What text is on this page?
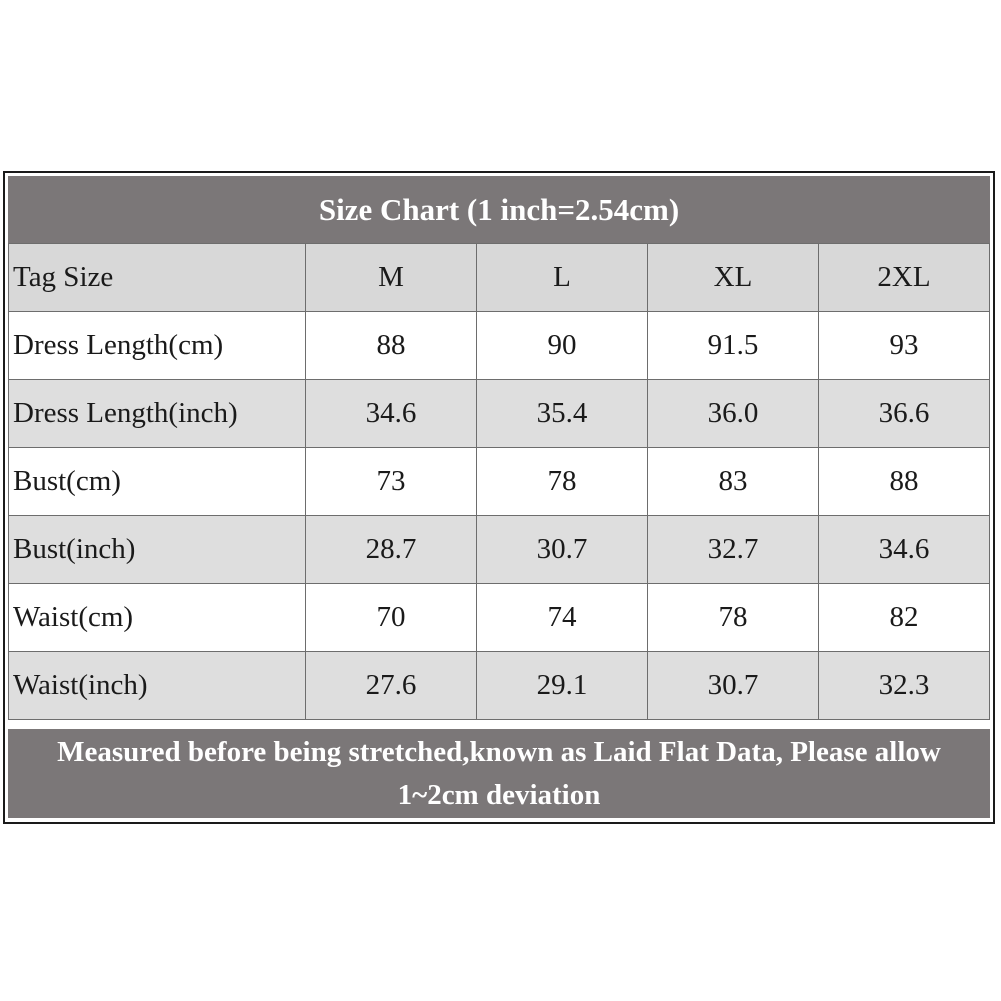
Size Chart (1 inch=2.54cm)
Tag Size	M	L	XL	2XL
Dress Length(cm)	88	90	91.5	93
Dress Length(inch)	34.6	35.4	36.0	36.6
Bust(cm)	73	78	83	88
Bust(inch)	28.7	30.7	32.7	34.6
Waist(cm)	70	74	78	82
Waist(inch)	27.6	29.1	30.7	32.3
Measured before being stretched,known as Laid Flat Data, Please allow 1~2cm deviation
